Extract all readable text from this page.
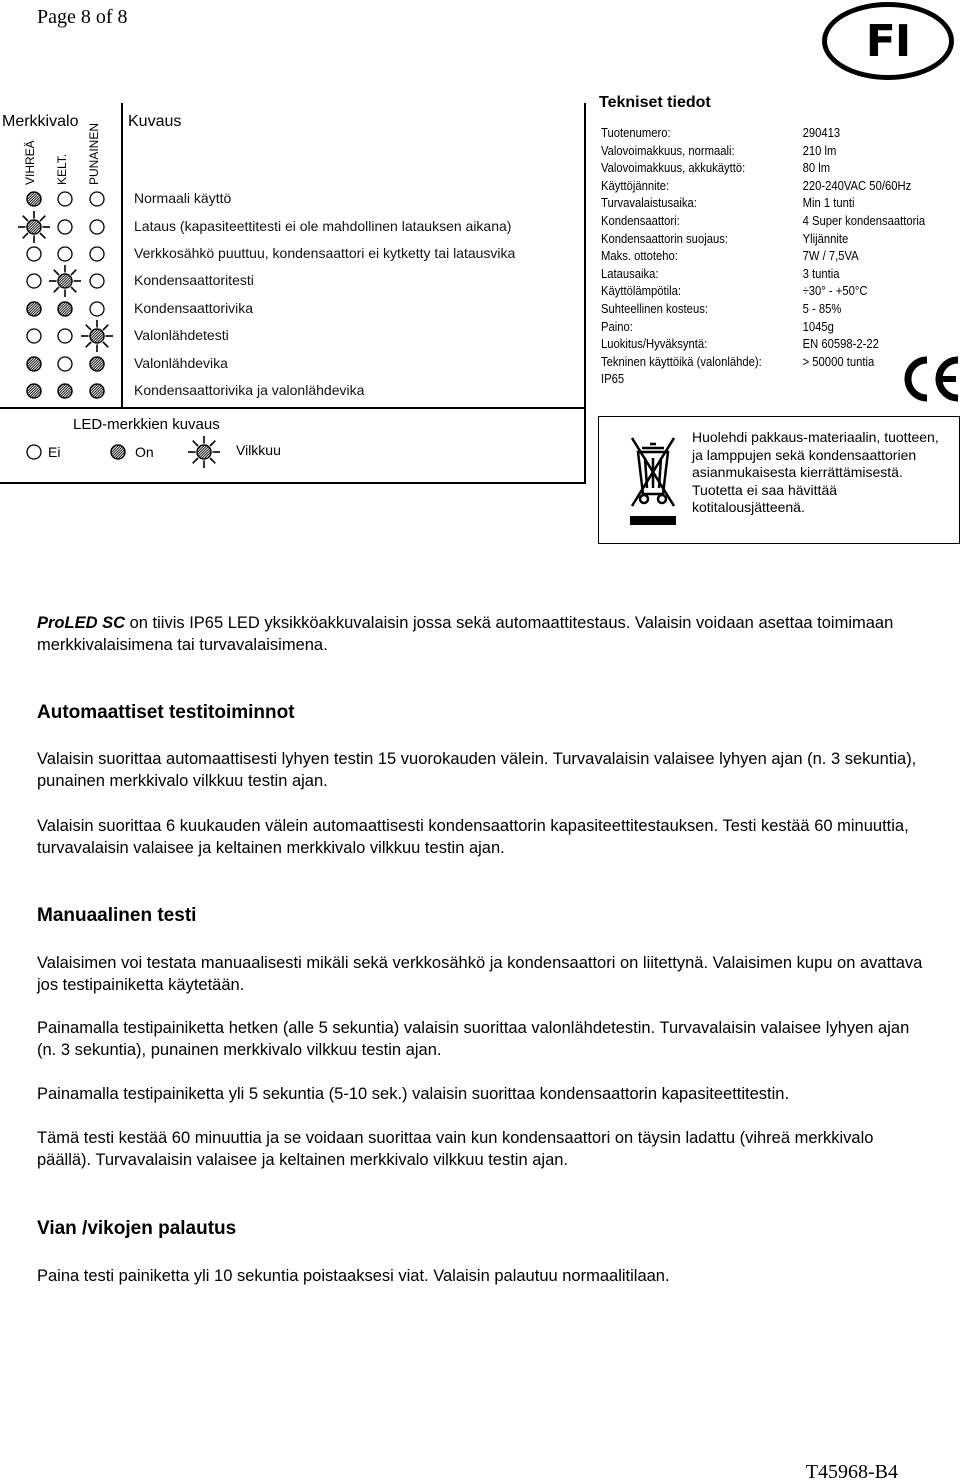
Page 8 of 8	FI
Merkkivalo	Kuvaus
VIHREÄ KELT. PUNAINEN
Normaali käyttö
Lataus (kapasiteettitesti ei ole mahdollinen latauksen aikana)
Verkkosähkö puuttuu, kondensaattori ei kytketty tai latausvika
Kondensaattoritesti
Kondensaattorivika
Valonlähdetesti
Valonlähdevika
Kondensaattorivika ja valonlähdevika
LED-merkkien kuvaus
Ei	On	Vilkkuu
Tekniset tiedot
Tuotenumero:	290413
Valovoimakkuus, normaali:	210 lm
Valovoimakkuus, akkukäyttö:	80 lm
Käyttöjännite:	220-240VAC 50/60Hz
Turvavalaistusaika:	Min 1 tunti
Kondensaattori:	4 Super kondensaattoria
Kondensaattorin suojaus:	Ylijännite
Maks. ottoteho:	7W / 7,5VA
Latausaika:	3 tuntia
Käyttölämpötila:	÷30° - +50°C
Suhteellinen kosteus:	5 - 85%
Paino:	1045g
Luokitus/Hyväksyntä:	EN 60598-2-22
Tekninen käyttöikä (valonlähde):	> 50000 tuntia
IP65
Huolehdi pakkaus-materiaalin, tuotteen, ja lamppujen sekä kondensaattorien asianmukaisesta kierrättämisestä. Tuotetta ei saa hävittää kotitalousjätteenä.
ProLED SC on tiivis IP65 LED yksikköakkuvalaisin jossa sekä automaattitestaus. Valaisin voidaan asettaa toimimaan merkkivalaisimena tai turvavalaisimena.
Automaattiset testitoiminnot
Valaisin suorittaa automaattisesti lyhyen testin 15 vuorokauden välein. Turvavalaisin valaisee lyhyen ajan (n. 3 sekuntia), punainen merkkivalo vilkkuu testin ajan.
Valaisin suorittaa 6 kuukauden välein automaattisesti kondensaattorin kapasiteettitestauksen. Testi kestää 60 minuuttia, turvavalaisin valaisee ja keltainen merkkivalo vilkkuu testin ajan.
Manuaalinen testi
Valaisimen voi testata manuaalisesti mikäli sekä verkkosähkö ja kondensaattori on liitettynä. Valaisimen kupu on avattava jos testipainiketta käytetään.
Painamalla testipainiketta hetken (alle 5 sekuntia) valaisin suorittaa valonlähdetestin. Turvavalaisin valaisee lyhyen ajan (n. 3 sekuntia), punainen merkkivalo vilkkuu testin ajan.
Painamalla testipainiketta yli 5 sekuntia (5-10 sek.) valaisin suorittaa kondensaattorin kapasiteettitestin.
Tämä testi kestää 60 minuuttia ja se voidaan suorittaa vain kun kondensaattori on täysin ladattu (vihreä merkkivalo päällä). Turvavalaisin valaisee ja keltainen merkkivalo vilkkuu testin ajan.
Vian /vikojen palautus
Paina testi painiketta yli 10 sekuntia poistaaksesi viat. Valaisin palautuu normaalitilaan.
T45968-B4
